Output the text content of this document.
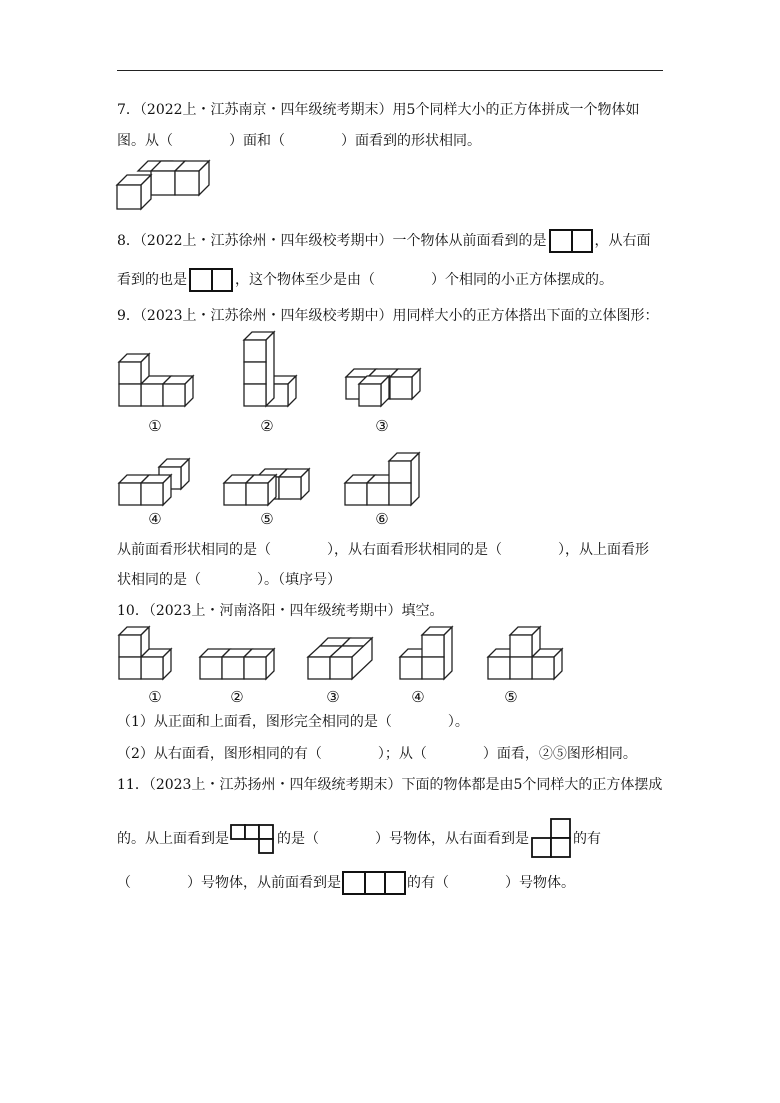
7．（2022上・江苏南京・四年级统考期末）用5个同样大小的正方体拼成一个物体如
图。从（　　　　）面和（　　　　）面看到的形状相同。
8．（2022上・江苏徐州・四年级校考期中）一个物体从前面看到的是	，从右面
看到的也是	，这个物体至少是由（　　　　）个相同的小正方体摆成的。
9．（2023上・江苏徐州・四年级校考期中）用同样大小的正方体搭出下面的立体图形：
①	②	③
④	⑤	⑥
从前面看形状相同的是（　　　　），从右面看形状相同的是（　　　　），从上面看形
状相同的是（　　　　）。（填序号）
10．（2023上・河南洛阳・四年级统考期中）填空。
①	②	③	④	⑤
（1）从正面和上面看，图形完全相同的是（　　　　）。
（2）从右面看，图形相同的有（　　　　）；从（　　　　）面看，②⑤图形相同。
11．（2023上・江苏扬州・四年级统考期末）下面的物体都是由5个同样大的正方体摆成
的。从上面看到是	的是（　　　　）号物体，从右面看到是	的有
（　　　　）号物体，从前面看到是	的有（　　　　）号物体。
